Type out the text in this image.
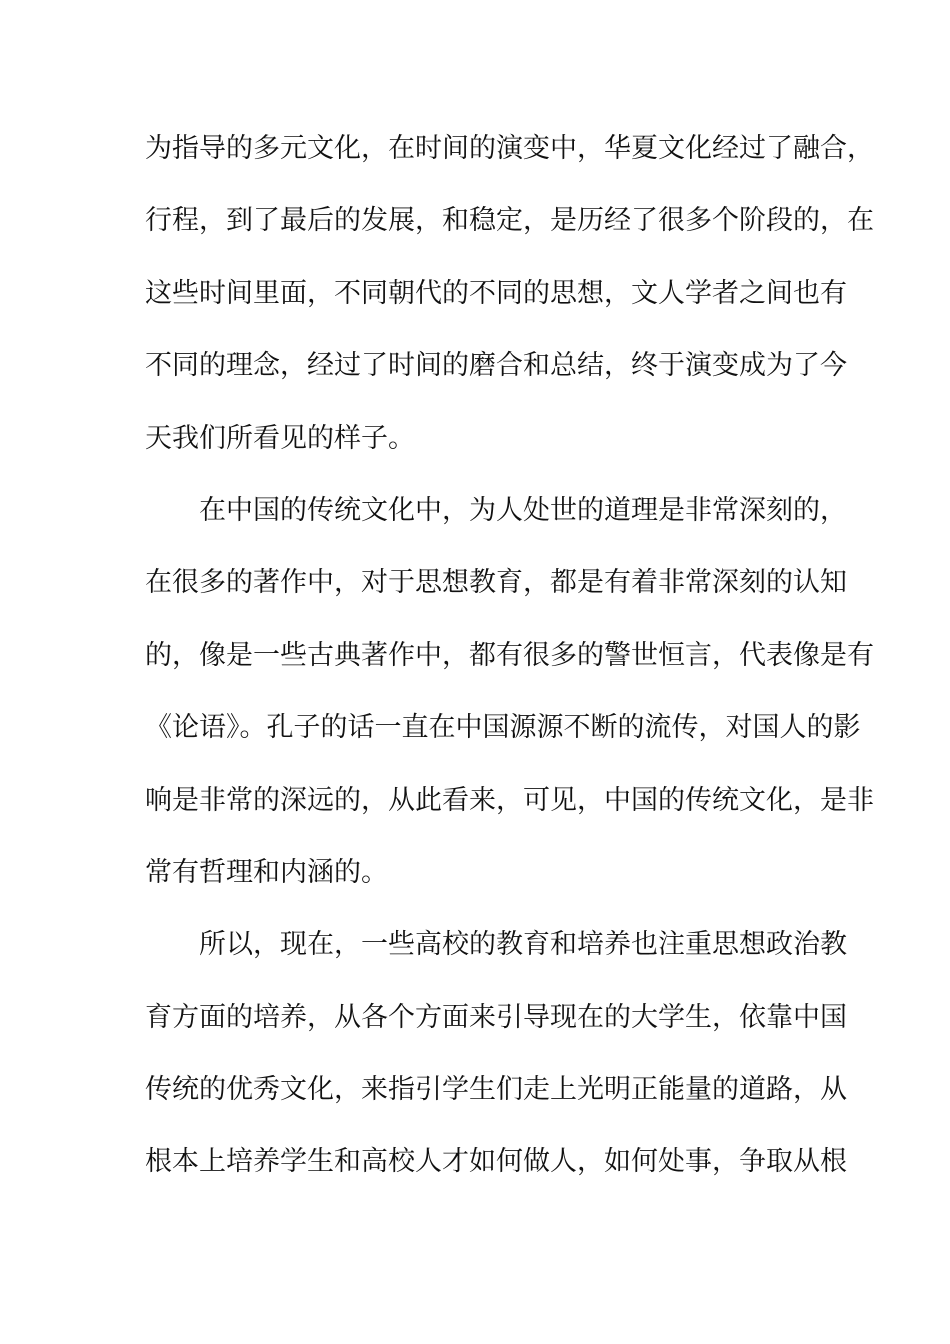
为指导的多元文化，在时间的演变中，华夏文化经过了融合，
行程，到了最后的发展，和稳定，是历经了很多个阶段的，在
这些时间里面，不同朝代的不同的思想，文人学者之间也有
不同的理念，经过了时间的磨合和总结，终于演变成为了今
天我们所看见的样子。
在中国的传统文化中，为人处世的道理是非常深刻的，
在很多的著作中，对于思想教育，都是有着非常深刻的认知
的，像是一些古典著作中，都有很多的警世恒言，代表像是有
《论语》。孔子的话一直在中国源源不断的流传，对国人的影
响是非常的深远的，从此看来，可见，中国的传统文化，是非
常有哲理和内涵的。
所以，现在，一些高校的教育和培养也注重思想政治教
育方面的培养，从各个方面来引导现在的大学生，依靠中国
传统的优秀文化，来指引学生们走上光明正能量的道路，从
根本上培养学生和高校人才如何做人，如何处事，争取从根
